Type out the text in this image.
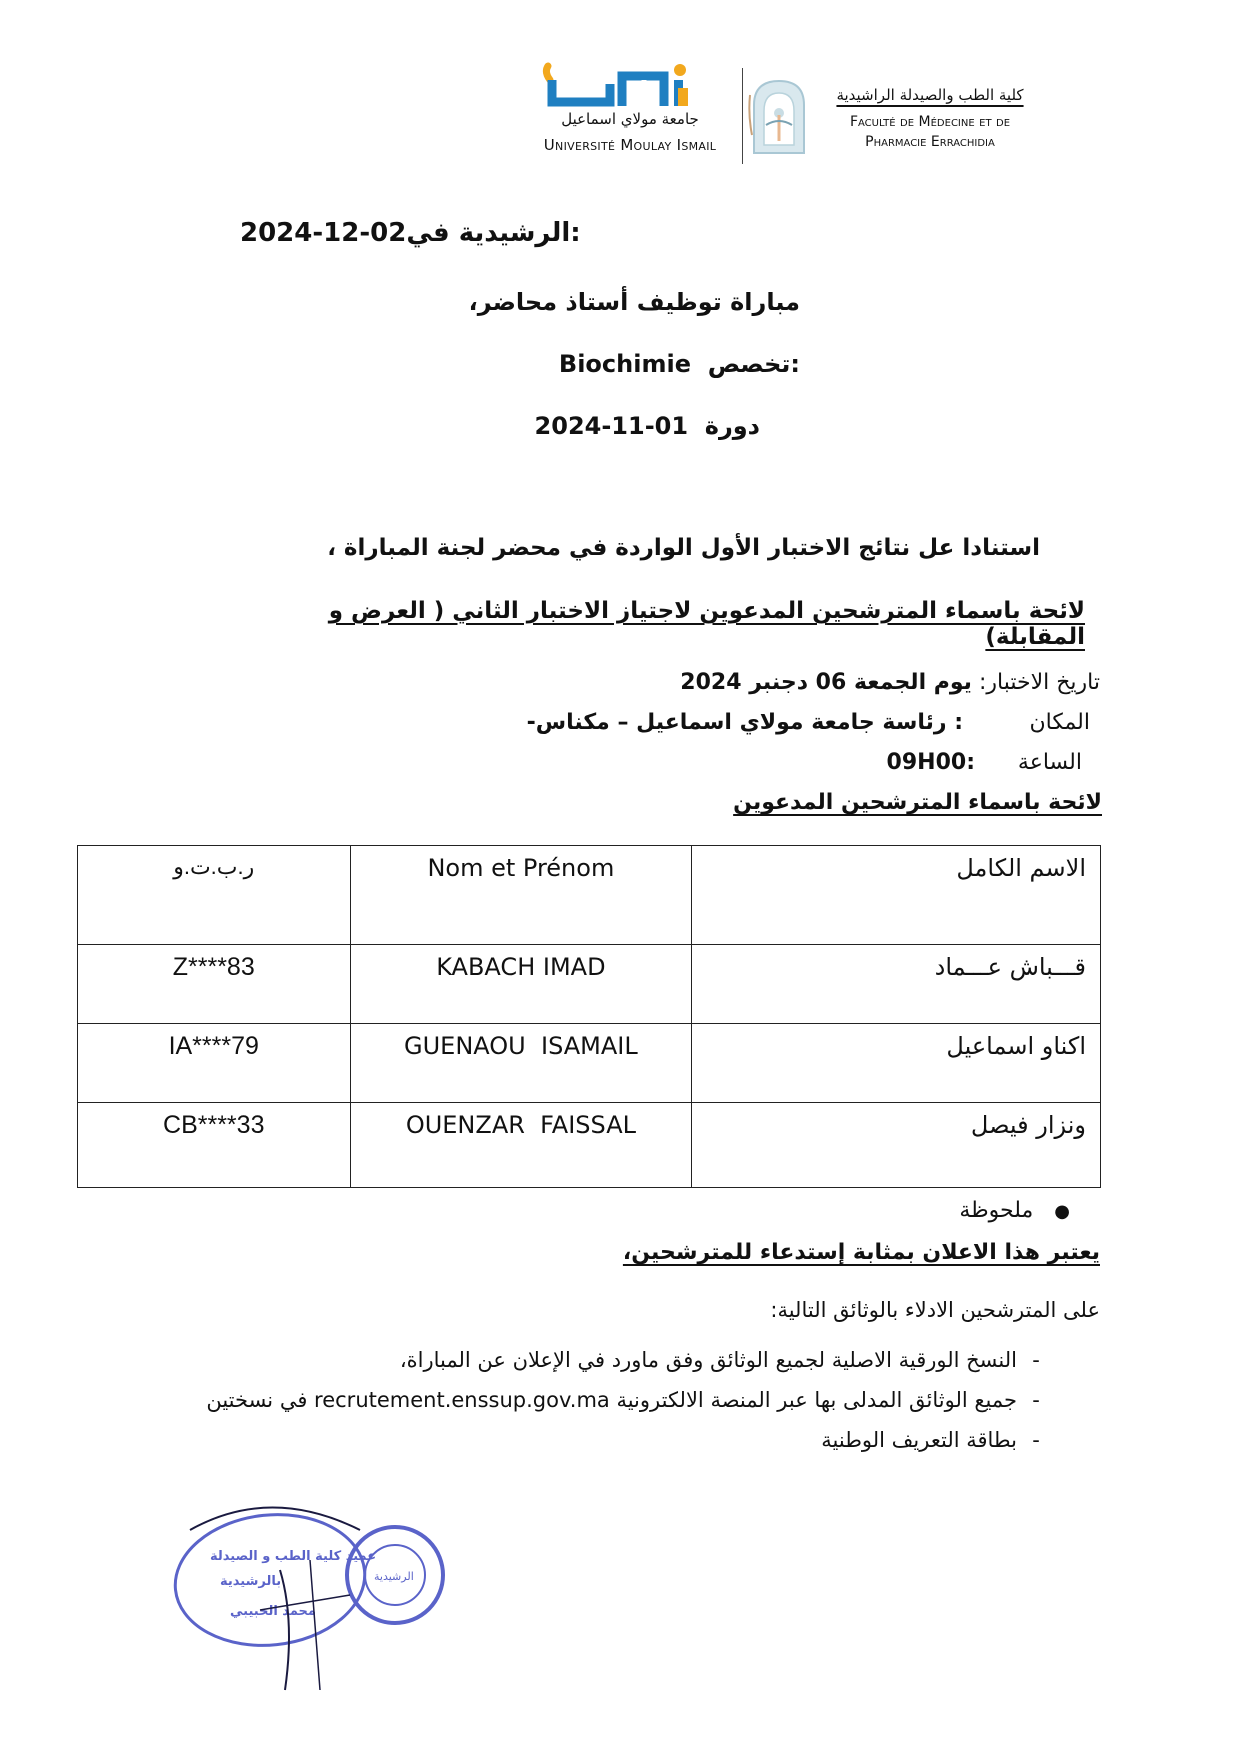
جامعة مولاي اسماعيل
Université Moulay Ismail
كلية الطب والصيدلة الراشيدية
Faculté de Médecine et de
Pharmacie Errachidia
2024-12-02الرشيدية في:
مباراة توظيف أستاذ محاضر،
Biochimie تخصص:
2024-11-01 دورة
استنادا عل نتائج الاختبار الأول الواردة في محضر لجنة المباراة ،
لائحة باسماء المترشحين المدعوين لاجتياز الاختبار الثاني ( العرض و المقابلة)
تاريخ الاختبار: يوم الجمعة 06 دجنبر 2024
المكان : رئاسة جامعة مولاي اسماعيل – مكناس-
الساعة 09H00:
لائحة باسماء المترشحين المدعوين
ر.ب.ت.و	Nom et Prénom	الاسم الكامل
Z****83	KABACH IMAD	قـــباش عـــماد
IA****79	GUENAOU  ISAMAIL	اكناو اسماعيل
CB****33	OUENZAR  FAISSAL	ونزار فيصل
●   ملحوظة
يعتبر هذا الاعلان بمثابة إستدعاء للمترشحين،
على المترشحين الادلاء بالوثائق التالية:
-النسخ الورقية الاصلية لجميع الوثائق وفق ماورد في الإعلان عن المباراة،
-جميع الوثائق المدلى بها عبر المنصة الالكترونية recrutement.enssup.gov.ma في نسختين
-بطاقة التعريف الوطنية
عميد كلية الطب و الصيدلة
بالرشيدية
محمد الحبيبي
الرشيدية
